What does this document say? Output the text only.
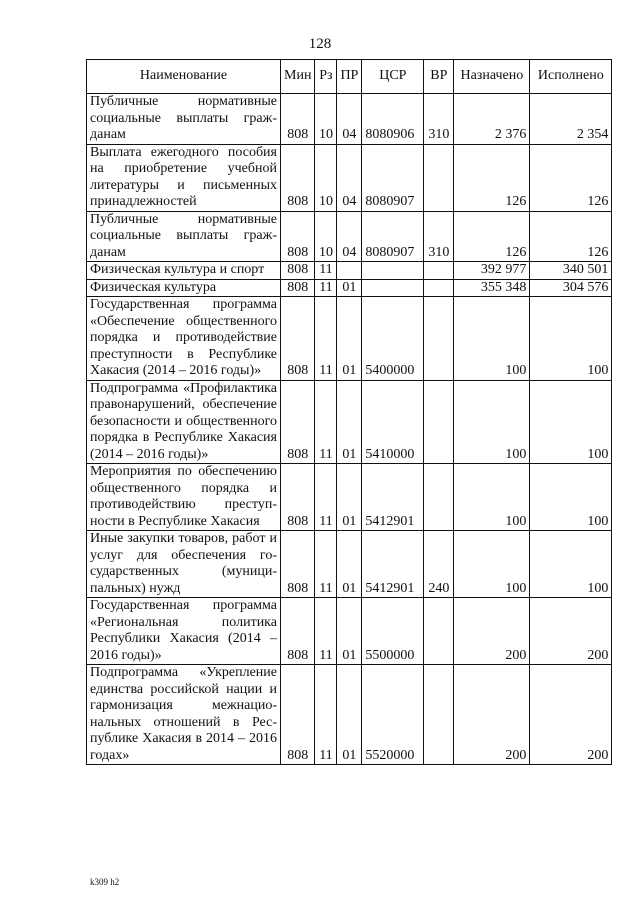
128
Наименование	Мин	Рз	ПР	ЦСР	ВР	Назначено	Исполнено
Публичные нормативные социальные выплаты гражданам	808	10	04	8080906	310	2 376	2 354
Выплата ежегодного пособия на приобретение учебной литературы и письменных принадлежностей	808	10	04	8080907		126	126
Публичные нормативные социальные выплаты гражданам	808	10	04	8080907	310	126	126
Физическая культура и спорт	808	11				392 977	340 501
Физическая культура	808	11	01			355 348	304 576
Государственная программа «Обеспечение общественного порядка и противодействие преступности в Республике Хакасия (2014 – 2016 годы)»	808	11	01	5400000		100	100
Подпрограмма «Профилактика правонарушений, обеспечение безопасности и общественного порядка в Республике Хакасия (2014 – 2016 годы)»	808	11	01	5410000		100	100
Мероприятия по обеспечению общественного порядка и противодействию преступности в Республике Хакасия	808	11	01	5412901		100	100
Иные закупки товаров, работ и услуг для обеспечения государственных (муниципальных) нужд	808	11	01	5412901	240	100	100
Государственная программа «Региональная политика Республики Хакасия (2014 – 2016 годы)»	808	11	01	5500000		200	200
Подпрограмма «Укрепление единства российской нации и гармонизация межнациональных отношений в Республике Хакасия в 2014 – 2016 годах»	808	11	01	5520000		200	200
k309 h2
